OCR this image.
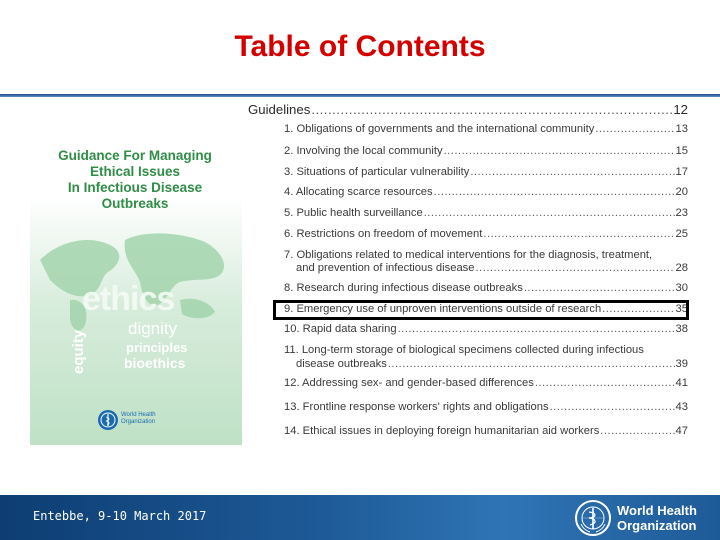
Table of Contents
Guidance For Managing
Ethical Issues
In Infectious Disease
Outbreaks
ethics
dignity
principles
bioethics
equity
World Health
Organization
Guidelines .....	12
1. Obligations of governments and the international community .....	13
2. Involving the local community .....	15
3. Situations of particular vulnerability .....	17
4. Allocating scarce resources .....	20
5. Public health surveillance .....	23
6. Restrictions on freedom of movement .....	25
7. Obligations related to medical interventions for the diagnosis, treatment,
and prevention of infectious disease .....	28
8. Research during infectious disease outbreaks .....	30
9. Emergency use of unproven interventions outside of research .....	35
10. Rapid data sharing .....	38
11. Long-term storage of biological specimens collected during infectious
disease outbreaks .....	39
12. Addressing sex- and gender-based differences .....	41
13. Frontline response workers' rights and obligations .....	43
14. Ethical issues in deploying foreign humanitarian aid workers .....	47
Entebbe, 9-10 March 2017	World Health
Organization
